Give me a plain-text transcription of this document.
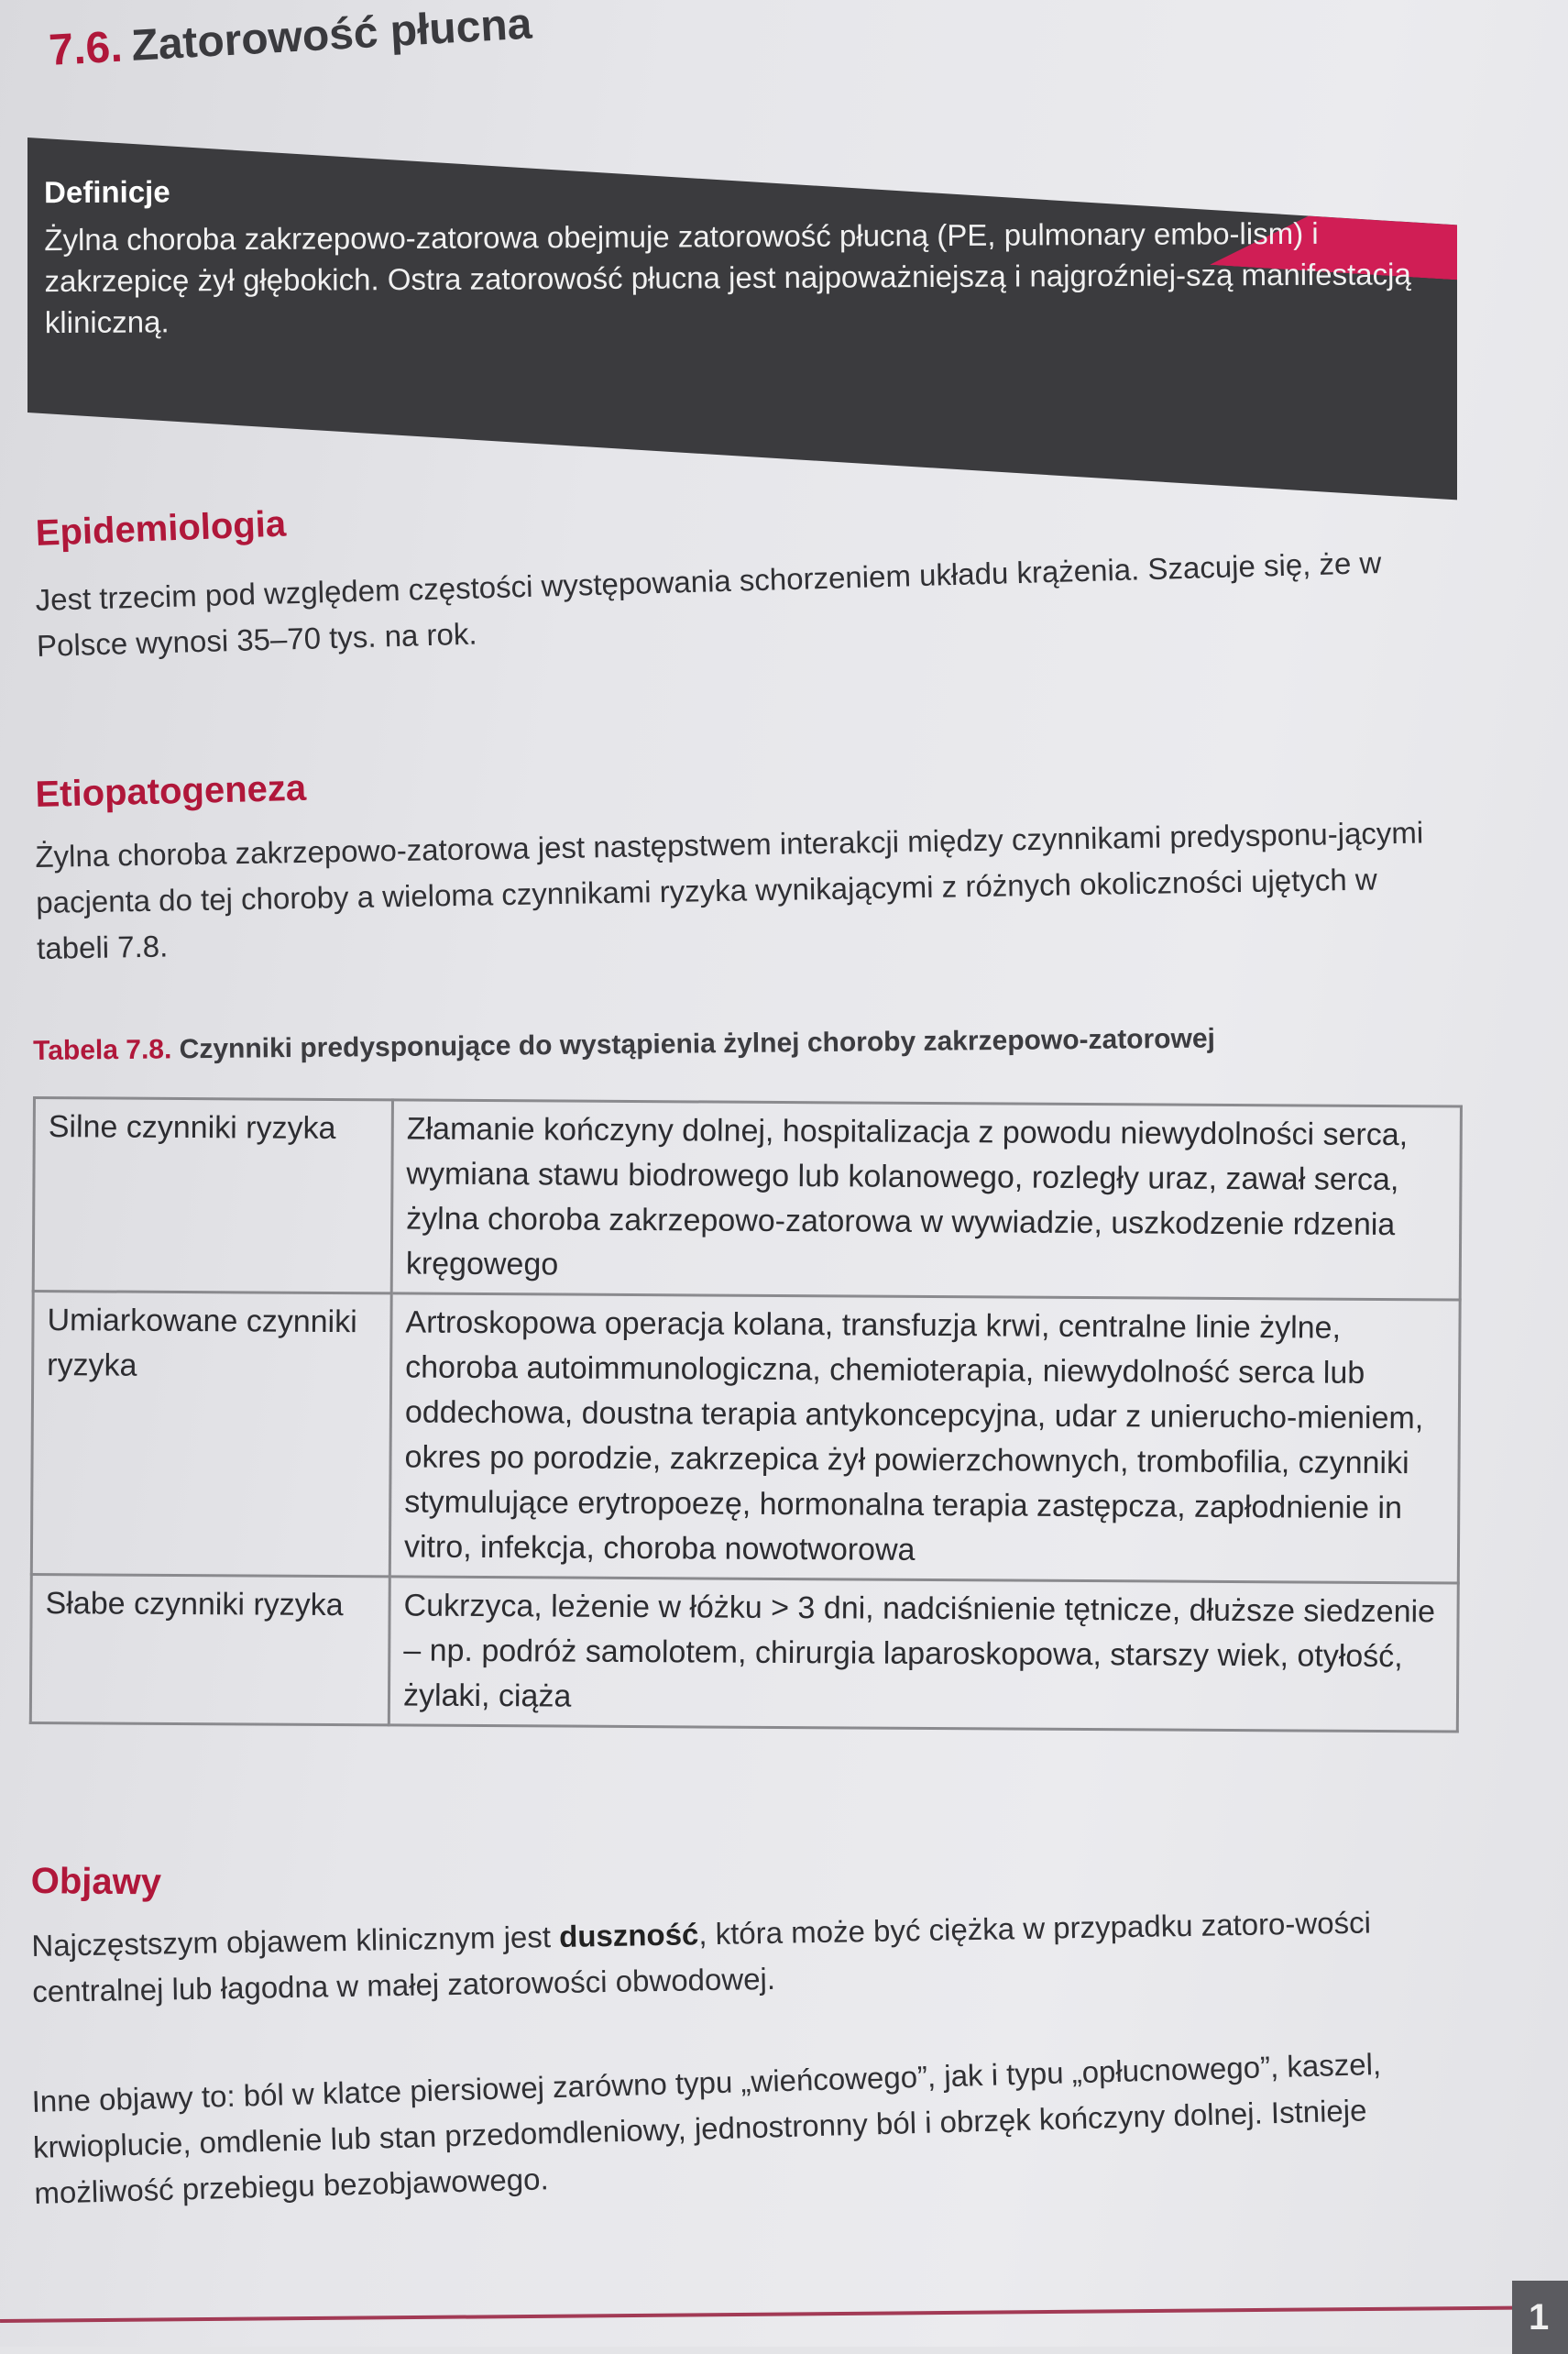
7.6. Zatorowość płucna

Definicje

Żylna choroba zakrzepowo-zatorowa obejmuje zatorowość płucną (PE, pulmonary embo-lism) i zakrzepicę żył głębokich. Ostra zatorowość płucna jest najpoważniejszą i najgroźniej-szą manifestacją kliniczną.

Epidemiologia

Jest trzecim pod względem częstości występowania schorzeniem układu krążenia. Szacuje się, że w Polsce wynosi 35–70 tys. na rok.

Etiopatogeneza

Żylna choroba zakrzepowo-zatorowa jest następstwem interakcji między czynnikami predysponu-jącymi pacjenta do tej choroby a wieloma czynnikami ryzyka wynikającymi z różnych okoliczności ujętych w tabeli 7.8.

Tabela 7.8. Czynniki predysponujące do wystąpienia żylnej choroby zakrzepowo-zatorowej

Silne czynniki ryzyka	Złamanie kończyny dolnej, hospitalizacja z powodu niewydolności serca, wymiana stawu biodrowego lub kolanowego, rozległy uraz, zawał serca, żylna choroba zakrzepowo-zatorowa w wywiadzie, uszkodzenie rdzenia kręgowego
Umiarkowane czynniki ryzyka	Artroskopowa operacja kolana, transfuzja krwi, centralne linie żylne, choroba autoimmunologiczna, chemioterapia, niewydolność serca lub oddechowa, doustna terapia antykoncepcyjna, udar z unierucho-mieniem, okres po porodzie, zakrzepica żył powierzchownych, trombofilia, czynniki stymulujące erytropoezę, hormonalna terapia zastępcza, zapłodnienie in vitro, infekcja, choroba nowotworowa
Słabe czynniki ryzyka	Cukrzyca, leżenie w łóżku > 3 dni, nadciśnienie tętnicze, dłuższe siedzenie – np. podróż samolotem, chirurgia laparoskopowa, starszy wiek, otyłość, żylaki, ciąża
Objawy

Najczęstszym objawem klinicznym jest duszność, która może być ciężka w przypadku zatoro-wości centralnej lub łagodna w małej zatorowości obwodowej.

Inne objawy to: ból w klatce piersiowej zarówno typu „wieńcowego”, jak i typu „opłucnowego”, kaszel, krwioplucie, omdlenie lub stan przedomdleniowy, jednostronny ból i obrzęk kończyny dolnej. Istnieje możliwość przebiegu bezobjawowego.

1
